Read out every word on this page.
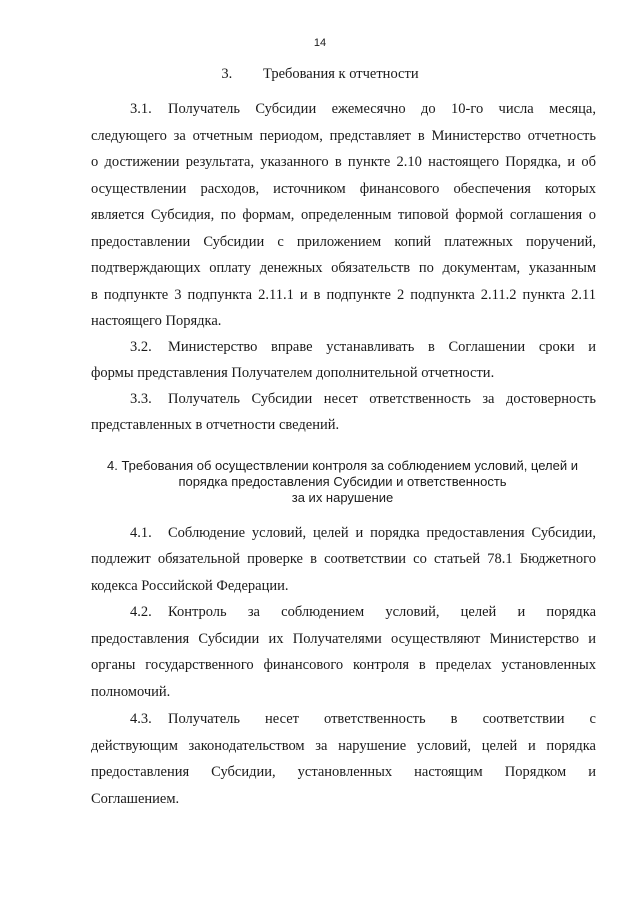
14
3. Требования к отчетности
3.1. Получатель Субсидии ежемесячно до 10-го числа месяца,
следующего за отчетным периодом, представляет в Министерство отчетность
о достижении результата, указанного в пункте 2.10 настоящего Порядка, и об
осуществлении расходов, источником финансового обеспечения которых
является Субсидия, по формам, определенным типовой формой соглашения о
предоставлении Субсидии с приложением копий платежных поручений,
подтверждающих оплату денежных обязательств по документам, указанным
в подпункте 3 подпункта 2.11.1 и в подпункте 2 подпункта 2.11.2 пункта 2.11
настоящего Порядка.
3.2. Министерство вправе устанавливать в Соглашении сроки и
формы представления Получателем дополнительной отчетности.
3.3. Получатель Субсидии несет ответственность за достоверность
представленных в отчетности сведений.
4. Требования об осуществлении контроля за соблюдением условий, целей и
порядка предоставления Субсидии и ответственность
за их нарушение
4.1. Соблюдение условий, целей и порядка предоставления Субсидии,
подлежит обязательной проверке в соответствии со статьей 78.1 Бюджетного
кодекса Российской Федерации.
4.2. Контроль за соблюдением условий, целей и порядка
предоставления Субсидии их Получателями осуществляют Министерство и
органы государственного финансового контроля в пределах установленных
полномочий.
4.3. Получатель несет ответственность в соответствии с
действующим законодательством за нарушение условий, целей и порядка
предоставления Субсидии, установленных настоящим Порядком и
Соглашением.
